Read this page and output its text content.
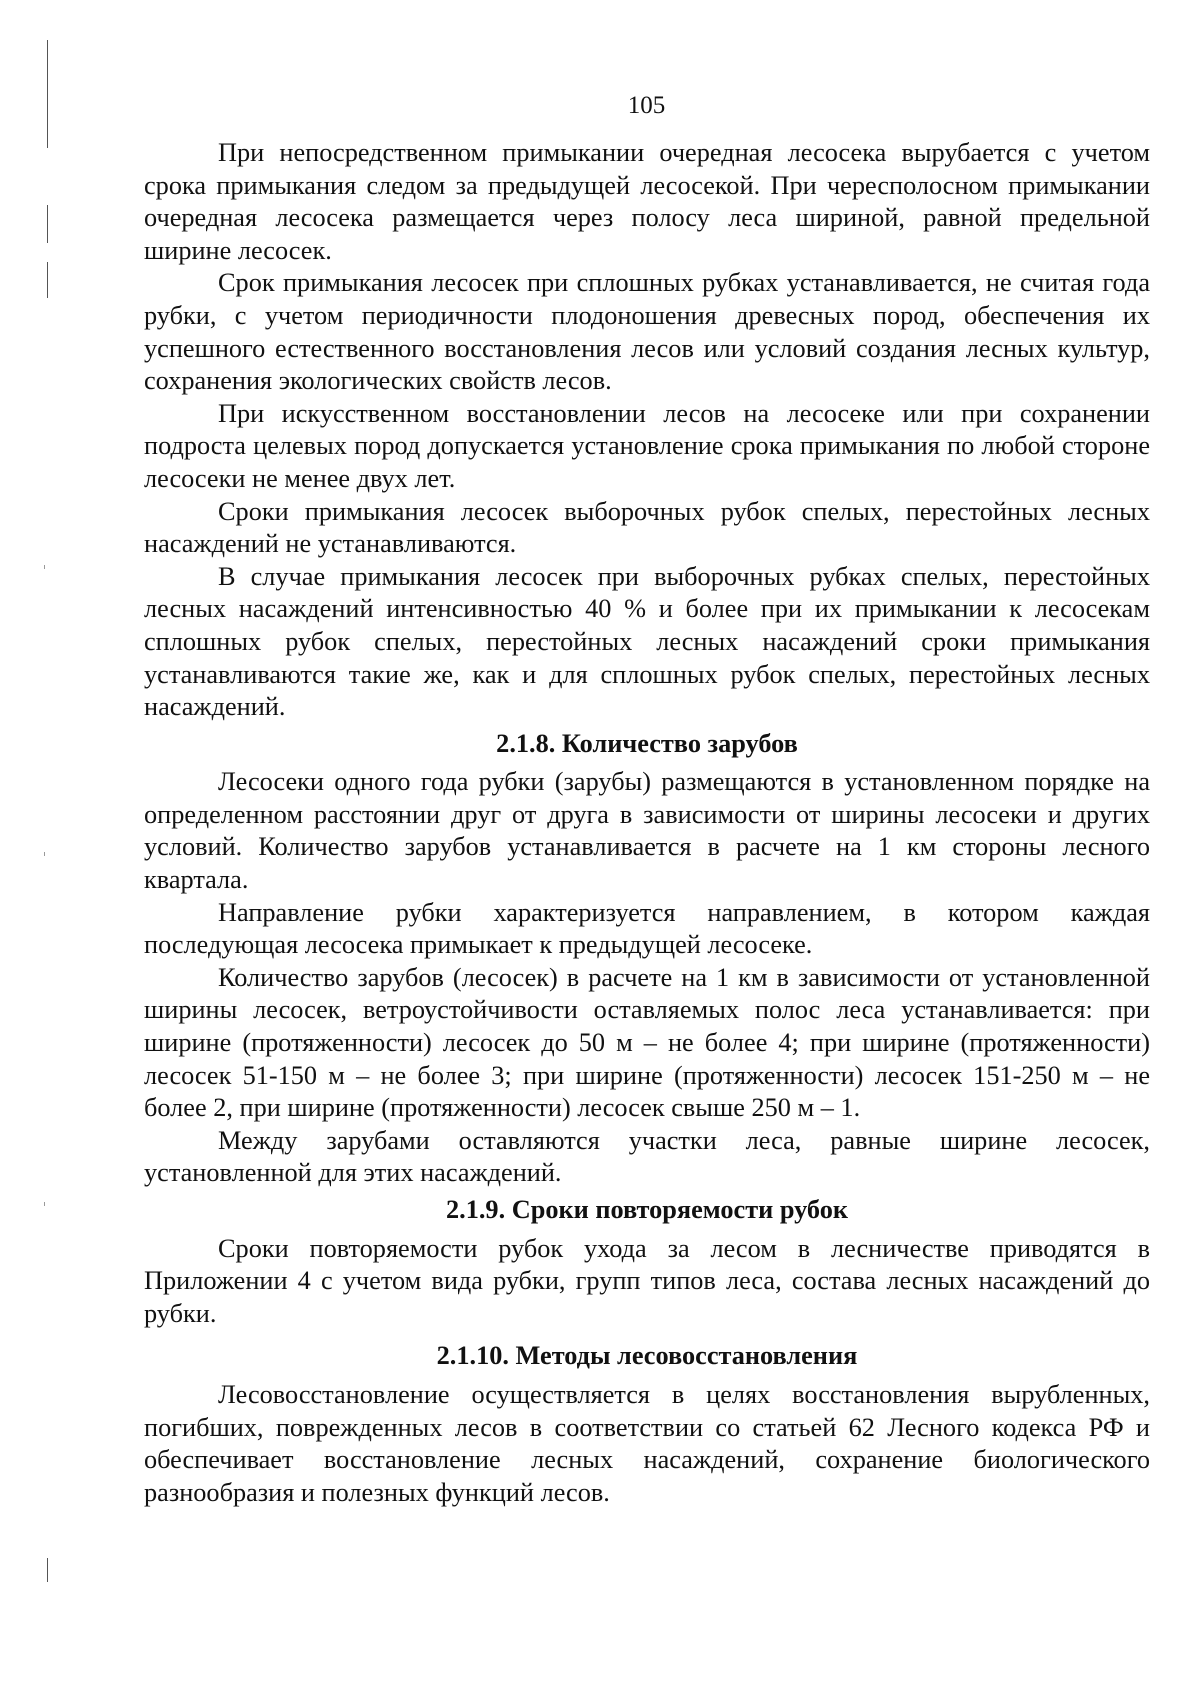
105

При непосредственном примыкании очередная лесосека вырубается с учетом срока примыкания следом за предыдущей лесосекой. При чересполосном примыкании очередная лесосека размещается через полосу леса шириной, равной предельной ширине лесосек.

Срок примыкания лесосек при сплошных рубках устанавливается, не считая года рубки, с учетом периодичности плодоношения древесных пород, обеспечения их успешного естественного восстановления лесов или условий создания лесных культур, сохранения экологических свойств лесов.

При искусственном восстановлении лесов на лесосеке или при сохранении подроста целевых пород допускается установление срока примыкания по любой стороне лесосеки не менее двух лет.

Сроки примыкания лесосек выборочных рубок спелых, перестойных лесных насаждений не устанавливаются.

В случае примыкания лесосек при выборочных рубках спелых, перестойных лесных насаждений интенсивностью 40 % и более при их примыкании к лесосекам сплошных рубок спелых, перестойных лесных насаждений сроки примыкания устанавливаются такие же, как и для сплошных рубок спелых, перестойных лесных насаждений.

2.1.8. Количество зарубов

Лесосеки одного года рубки (зарубы) размещаются в установленном порядке на определенном расстоянии друг от друга в зависимости от ширины лесосеки и других условий. Количество зарубов устанавливается в расчете на 1 км стороны лесного квартала.

Направление рубки характеризуется направлением, в котором каждая последующая лесосека примыкает к предыдущей лесосеке.

Количество зарубов (лесосек) в расчете на 1 км в зависимости от установленной ширины лесосек, ветроустойчивости оставляемых полос леса устанавливается: при ширине (протяженности) лесосек до 50 м – не более 4; при ширине (протяженности) лесосек 51-150 м – не более 3; при ширине (протяженности) лесосек 151-250 м – не более 2, при ширине (протяженности) лесосек свыше 250 м – 1.

Между зарубами оставляются участки леса, равные ширине лесосек, установленной для этих насаждений.

2.1.9. Сроки повторяемости рубок

Сроки повторяемости рубок ухода за лесом в лесничестве приводятся в Приложении 4 с учетом вида рубки, групп типов леса, состава лесных насаждений до рубки.

2.1.10. Методы лесовосстановления

Лесовосстановление осуществляется в целях восстановления вырубленных, погибших, поврежденных лесов в соответствии со статьей 62 Лесного кодекса РФ и обеспечивает восстановление лесных насаждений, сохранение биологического разнообразия и полезных функций лесов.
